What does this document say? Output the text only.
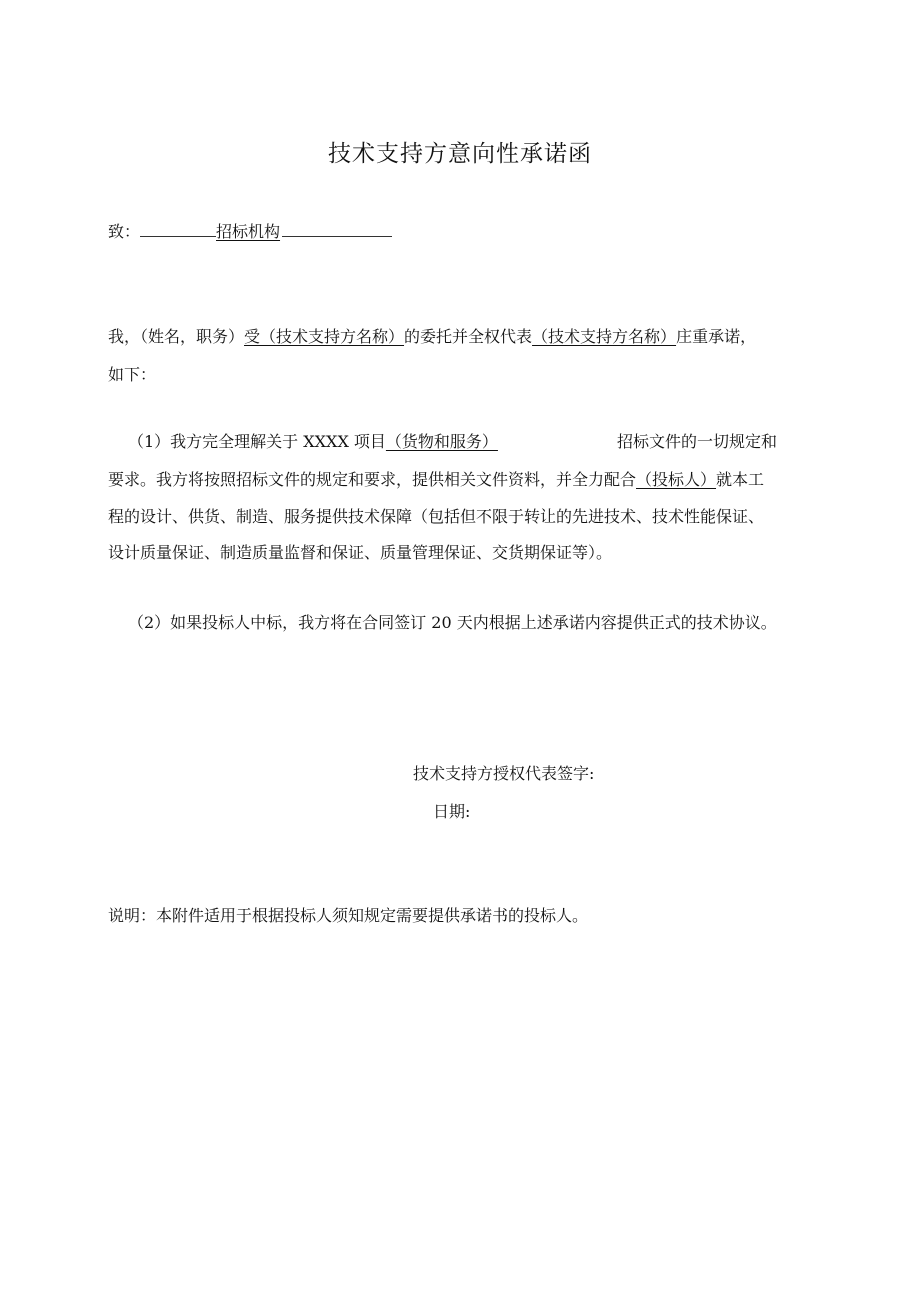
技术支持方意向性承诺函
致：	招标机构
我，（姓名，职务）受（技术支持方名称）的委托并全权代表（技术支持方名称）庄重承诺，
如下：
（1）我方完全理解关于 XXXX 项目（货物和服务）	招标文件的一切规定和
要求。我方将按照招标文件的规定和要求，提供相关文件资料，并全力配合（投标人）就本工
程的设计、供货、制造、服务提供技术保障（包括但不限于转让的先进技术、技术性能保证、
设计质量保证、制造质量监督和保证、质量管理保证、交货期保证等）。
（2）如果投标人中标，我方将在合同签订 20 天内根据上述承诺内容提供正式的技术协议。
技术支持方授权代表签字:
日期:
说明：本附件适用于根据投标人须知规定需要提供承诺书的投标人。
